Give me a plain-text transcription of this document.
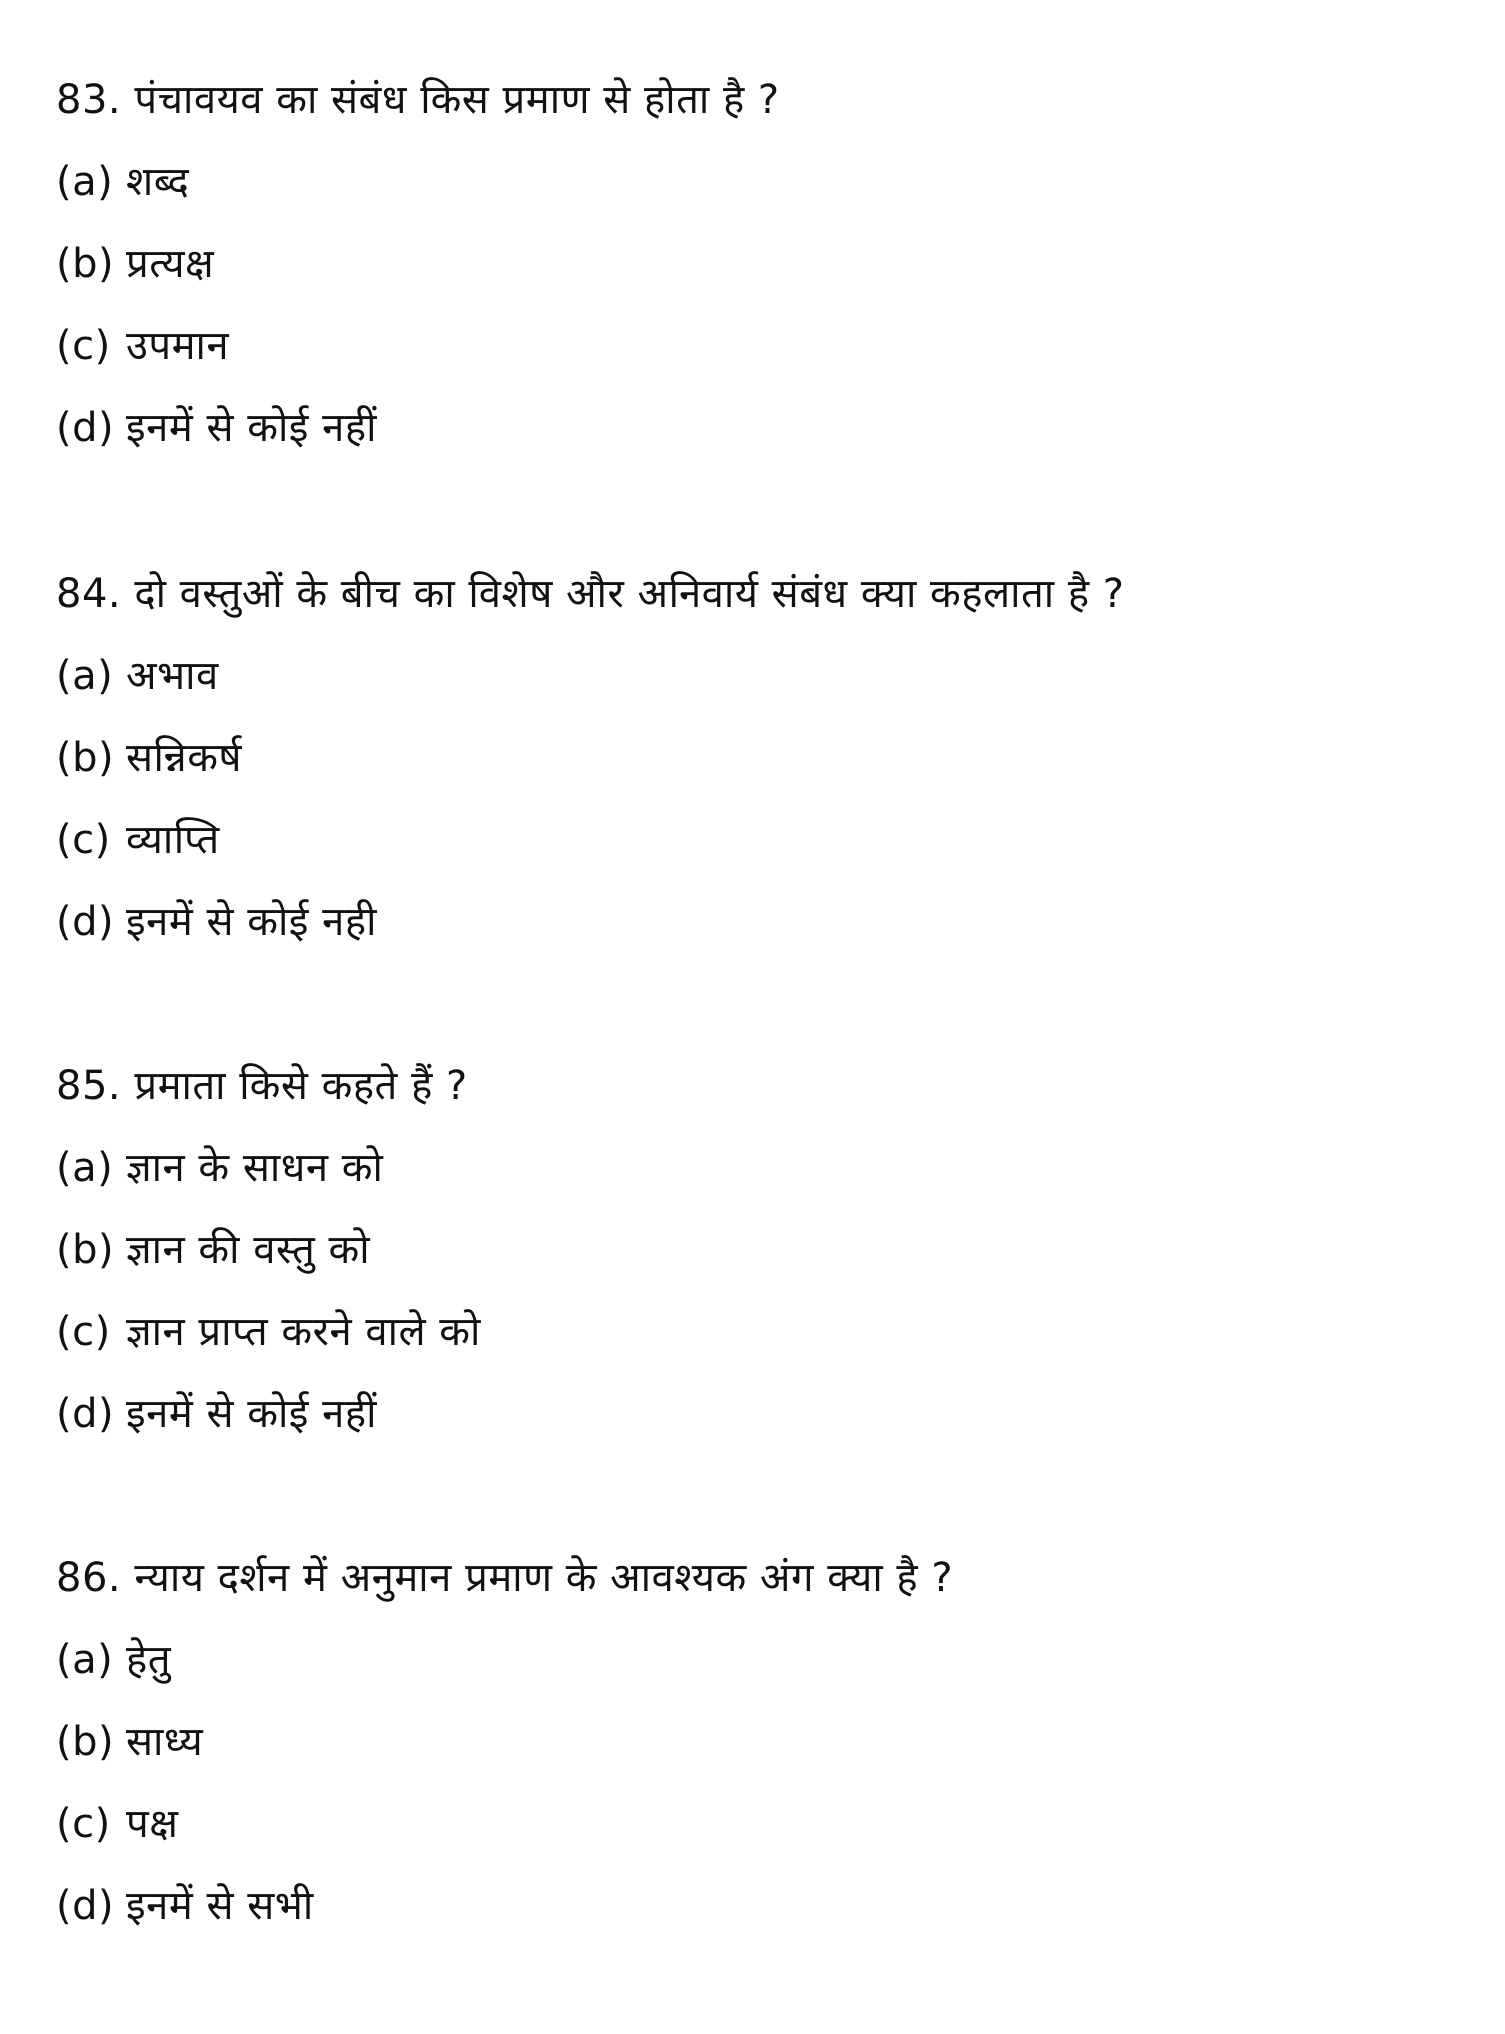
83. पंचावयव का संबंध किस प्रमाण से होता है ?
(a) शब्द
(b) प्रत्यक्ष
(c) उपमान
(d) इनमें से कोई नहीं
84. दो वस्तुओं के बीच का विशेष और अनिवार्य संबंध क्या कहलाता है ?
(a) अभाव
(b) सन्निकर्ष
(c) व्याप्ति
(d) इनमें से कोई नही
85. प्रमाता किसे कहते हैं ?
(a) ज्ञान के साधन को
(b) ज्ञान की वस्तु को
(c) ज्ञान प्राप्त करने वाले को
(d) इनमें से कोई नहीं
86. न्याय दर्शन में अनुमान प्रमाण के आवश्यक अंग क्या है ?
(a) हेतु
(b) साध्य
(c) पक्ष
(d) इनमें से सभी
